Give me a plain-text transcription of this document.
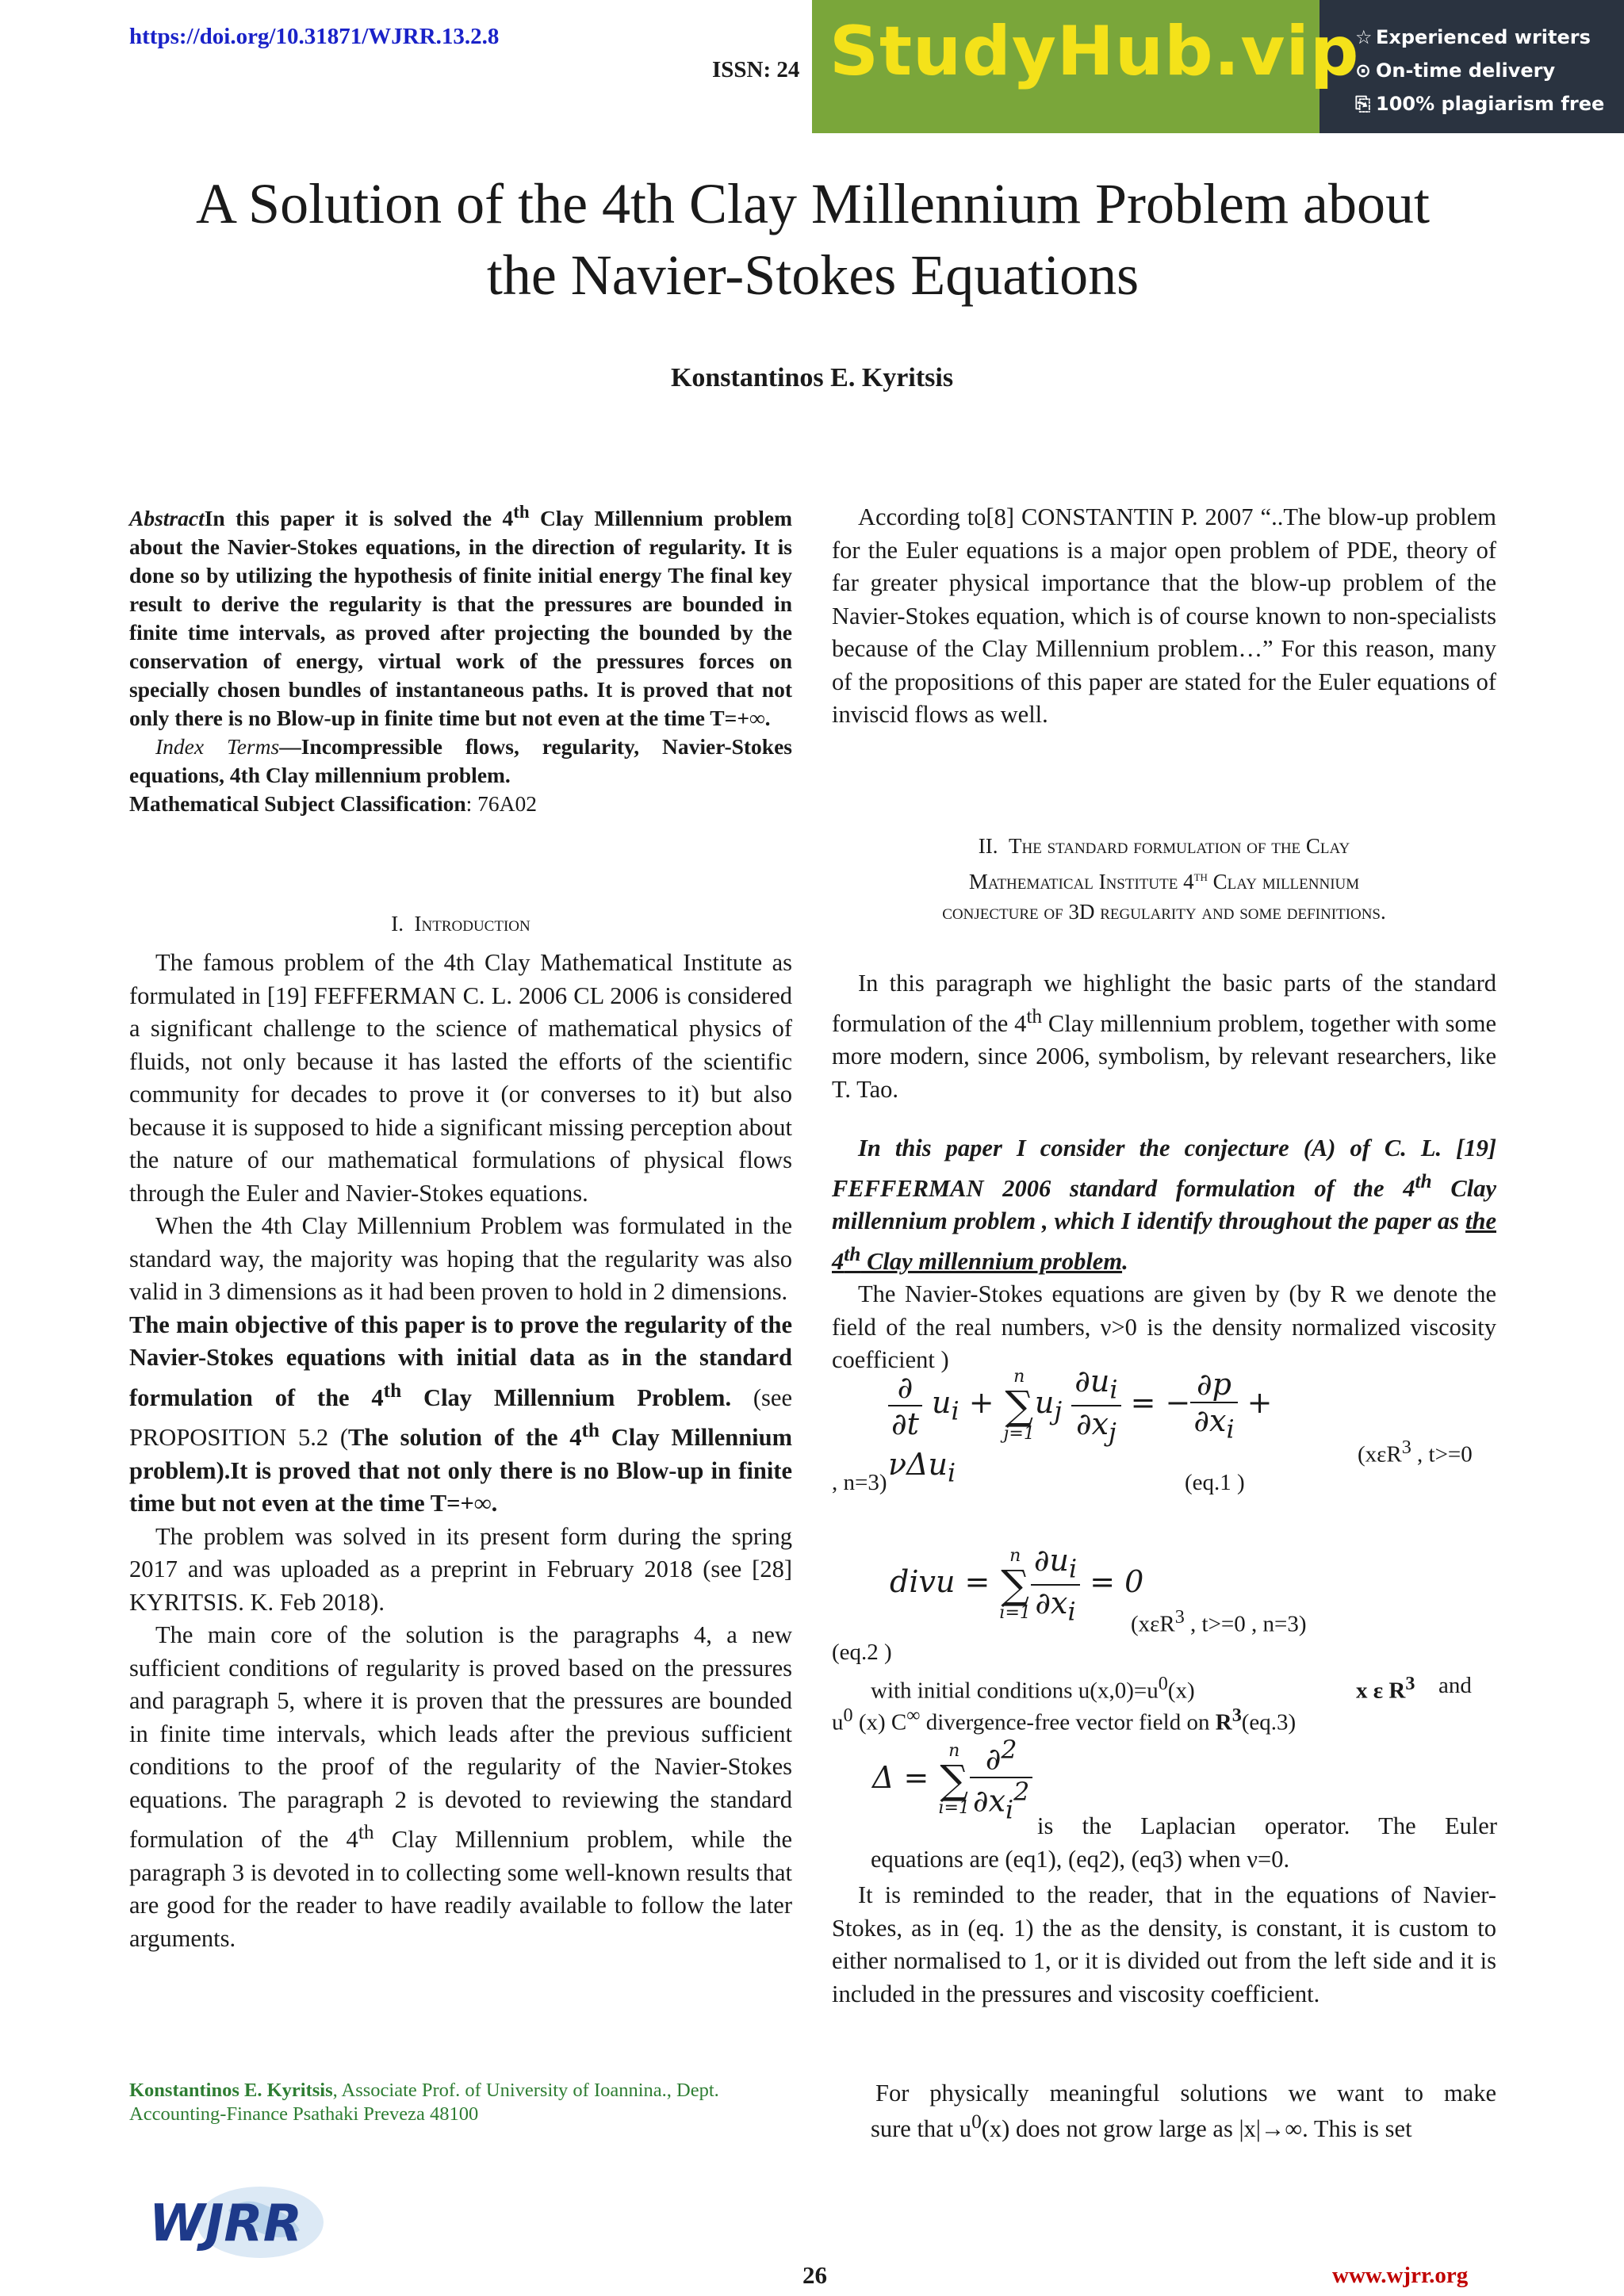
https://doi.org/10.31871/WJRR.13.2.8
ISSN: 24 StudyHub.vip
☆ Experienced writers
⊙ On-time delivery
⎘ 100% plagiarism free
A Solution of the 4th Clay Millennium Problem about
the Navier-Stokes Equations
Konstantinos E. Kyritsis

AbstractIn this paper it is solved the 4th Clay Millennium problem about the Navier-Stokes equations, in the direction of regularity. It is done so by utilizing the hypothesis of finite initial energy The final key result to derive the regularity is that the pressures are bounded in finite time intervals, as proved after projecting the bounded by the conservation of energy, virtual work of the pressures forces on specially chosen bundles of instantaneous paths. It is proved that not only there is no Blow-up in finite time but not even at the time T=+∞.

Index Terms—Incompressible flows, regularity, Navier-Stokes equations, 4th Clay millennium problem.

Mathematical Subject Classification: 76A02

I. Introduction

The famous problem of the 4th Clay Mathematical Institute as formulated in [19] FEFFERMAN C. L. 2006 CL 2006 is considered a significant challenge to the science of mathematical physics of fluids, not only because it has lasted the efforts of the scientific community for decades to prove it (or converses to it) but also because it is supposed to hide a significant missing perception about the nature of our mathematical formulations of physical flows through the Euler and Navier-Stokes equations.

When the 4th Clay Millennium Problem was formulated in the standard way, the majority was hoping that the regularity was also valid in 3 dimensions as it had been proven to hold in 2 dimensions.

The main objective of this paper is to prove the regularity of the Navier-Stokes equations with initial data as in the standard formulation of the 4th Clay Millennium Problem. (see PROPOSITION 5.2 (The solution of the 4th Clay Millennium problem).It is proved that not only there is no Blow-up in finite time but not even at the time T=+∞.

The problem was solved in its present form during the spring 2017 and was uploaded as a preprint in February 2018 (see [28] KYRITSIS. K. Feb 2018).

The main core of the solution is the paragraphs 4, a new sufficient conditions of regularity is proved based on the pressures and paragraph 5, where it is proven that the pressures are bounded in finite time intervals, which leads after the previous sufficient conditions to the proof of the regularity of the Navier-Stokes equations. The paragraph 2 is devoted to reviewing the standard formulation of the 4th Clay Millennium problem, while the paragraph 3 is devoted in to collecting some well-known results that are good for the reader to have readily available to follow the later arguments.

Konstantinos E. Kyritsis, Associate Prof. of University of Ioannina., Dept. Accounting-Finance Psathaki Preveza 48100
WJRR

According to[8] CONSTANTIN P. 2007 “..The blow-up problem for the Euler equations is a major open problem of PDE, theory of far greater physical importance that the blow-up problem of the Navier-Stokes equation, which is of course known to non-specialists because of the Clay Millennium problem…” For this reason, many of the propositions of this paper are stated for the Euler equations of inviscid flows as well.

II. The standard formulation of the Clay
Mathematical Institute 4th Clay millennium
conjecture of 3D regularity and some definitions.

In this paragraph we highlight the basic parts of the standard formulation of the 4th Clay millennium problem, together with some more modern, since 2006, symbolism, by relevant researchers, like T. Tao.

In this paper I consider the conjecture (A) of C. L. [19] FEFFERMAN 2006 standard formulation of the 4th Clay millennium problem , which I identify throughout the paper as the 4th Clay millennium problem.

The Navier-Stokes equations are given by (by R we denote the field of the real numbers, ν>0 is the density normalized viscosity coefficient )

$\frac{\partial}{\partial t} u_i + n$
∑
$j=1u_j \frac{\partial u_i}{\partial x_j}$ = − $\frac{\partial p}{\partial x_i} + \nu\Delta u_i$
(xεR$^3$ , t>=0
, n=3)	(eq.1 )
divu = n
∑
$i=1 \frac{\partial u_i}{\partial x_i} = 0$
(xεR$^3$ , t>=0 , n=3)
(eq.2 )
with initial conditions $u(x,0)=u^0(x)$	x ε $R^3$ and
$u^0$ (x) C∞ divergence-free vector field on $R^3(eq.3)$
Δ = n
∑
$i=1 \frac{\partial^2}{\partial x_i^2}$
is the Laplacian operator. The Euler
equations are (eq1), (eq2), (eq3) when ν=0.

It is reminded to the reader, that in the equations of Navier-Stokes, as in (eq. 1) the as the density, is constant, it is custom to either normalised to 1, or it is divided out from the left side and it is included in the pressures and viscosity coefficient.

For physically meaningful solutions we want to make
sure that $u^0(x)$ does not grow large as |x|→∞. This is set
26	www.wjrr.org
